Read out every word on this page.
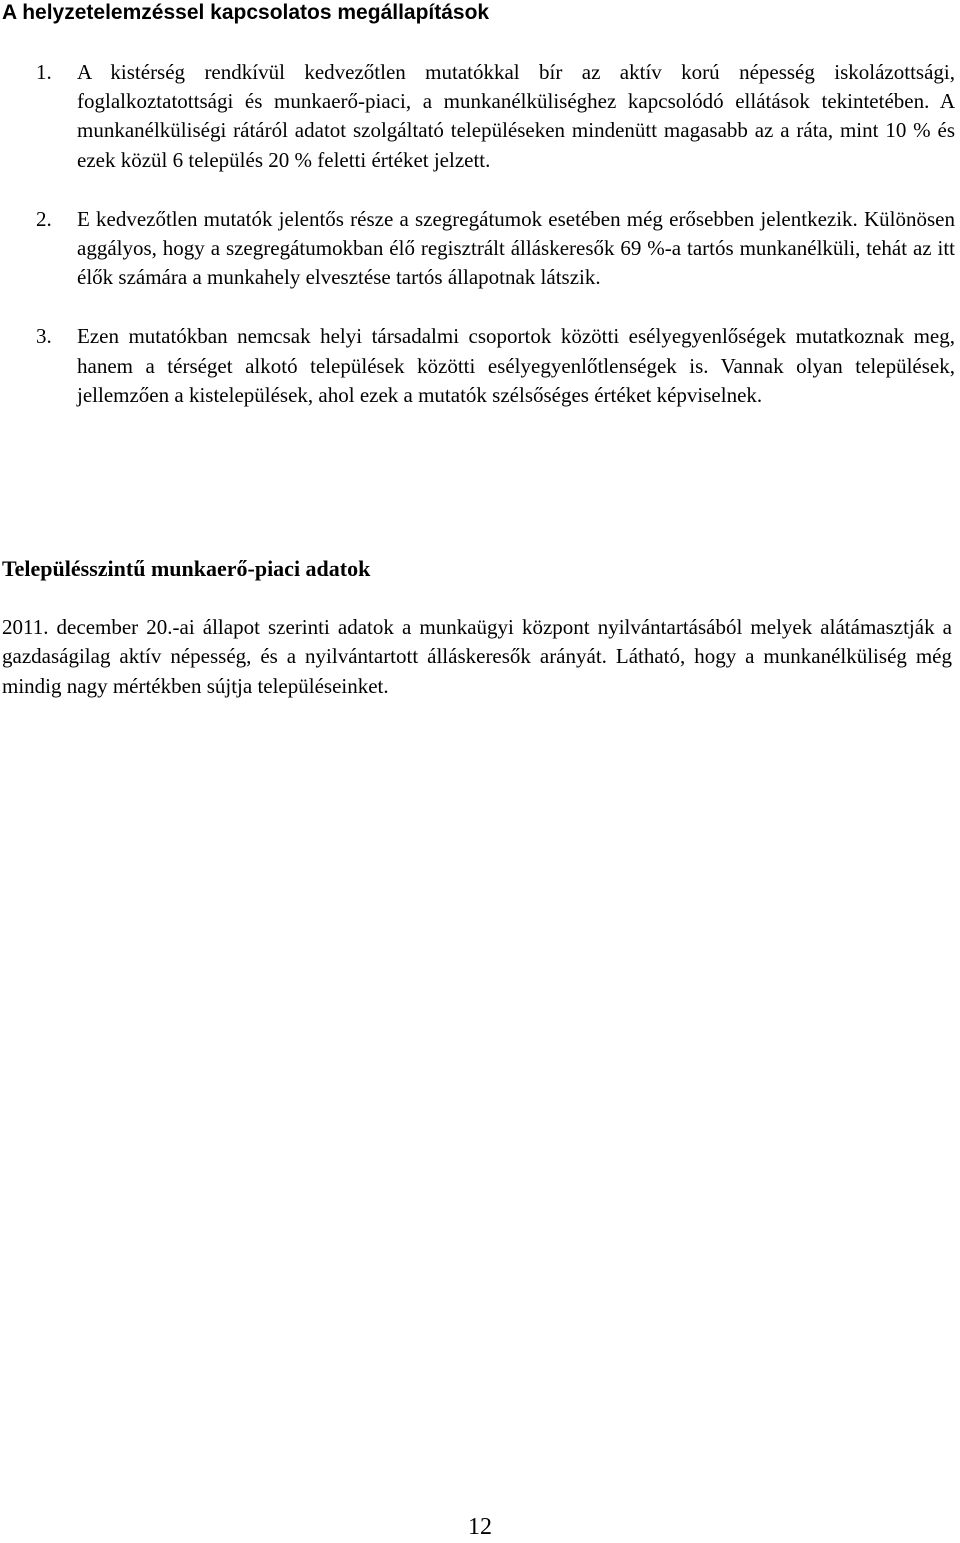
A helyzetelemzéssel kapcsolatos megállapítások
1. A kistérség rendkívül kedvezőtlen mutatókkal bír az aktív korú népesség iskolázottsági, foglalkoztatottsági és munkaerő-piaci, a munkanélküliséghez kapcsolódó ellátások tekintetében. A munkanélküliségi rátáról adatot szolgáltató településeken mindenütt magasabb az a ráta, mint 10 % és ezek közül 6 település 20 % feletti értéket jelzett.
2. E kedvezőtlen mutatók jelentős része a szegregátumok esetében még erősebben jelentkezik. Különösen aggályos, hogy a szegregátumokban élő regisztrált álláskeresők 69 %-a tartós munkanélküli, tehát az itt élők számára a munkahely elvesztése tartós állapotnak látszik.
3. Ezen mutatókban nemcsak helyi társadalmi csoportok közötti esélyegyenlőségek mutatkoznak meg, hanem a térséget alkotó települések közötti esélyegyenlőtlenségek is. Vannak olyan települések, jellemzően a kistelepülések, ahol ezek a mutatók szélsőséges értéket képviselnek.
Településszintű munkaerő-piaci adatok

2011. december 20.-ai állapot szerinti adatok a munkaügyi központ nyilvántartásából melyek alátámasztják a gazdaságilag aktív népesség, és a nyilvántartott álláskeresők arányát. Látható, hogy a munkanélküliség még mindig nagy mértékben sújtja településeinket.

12
